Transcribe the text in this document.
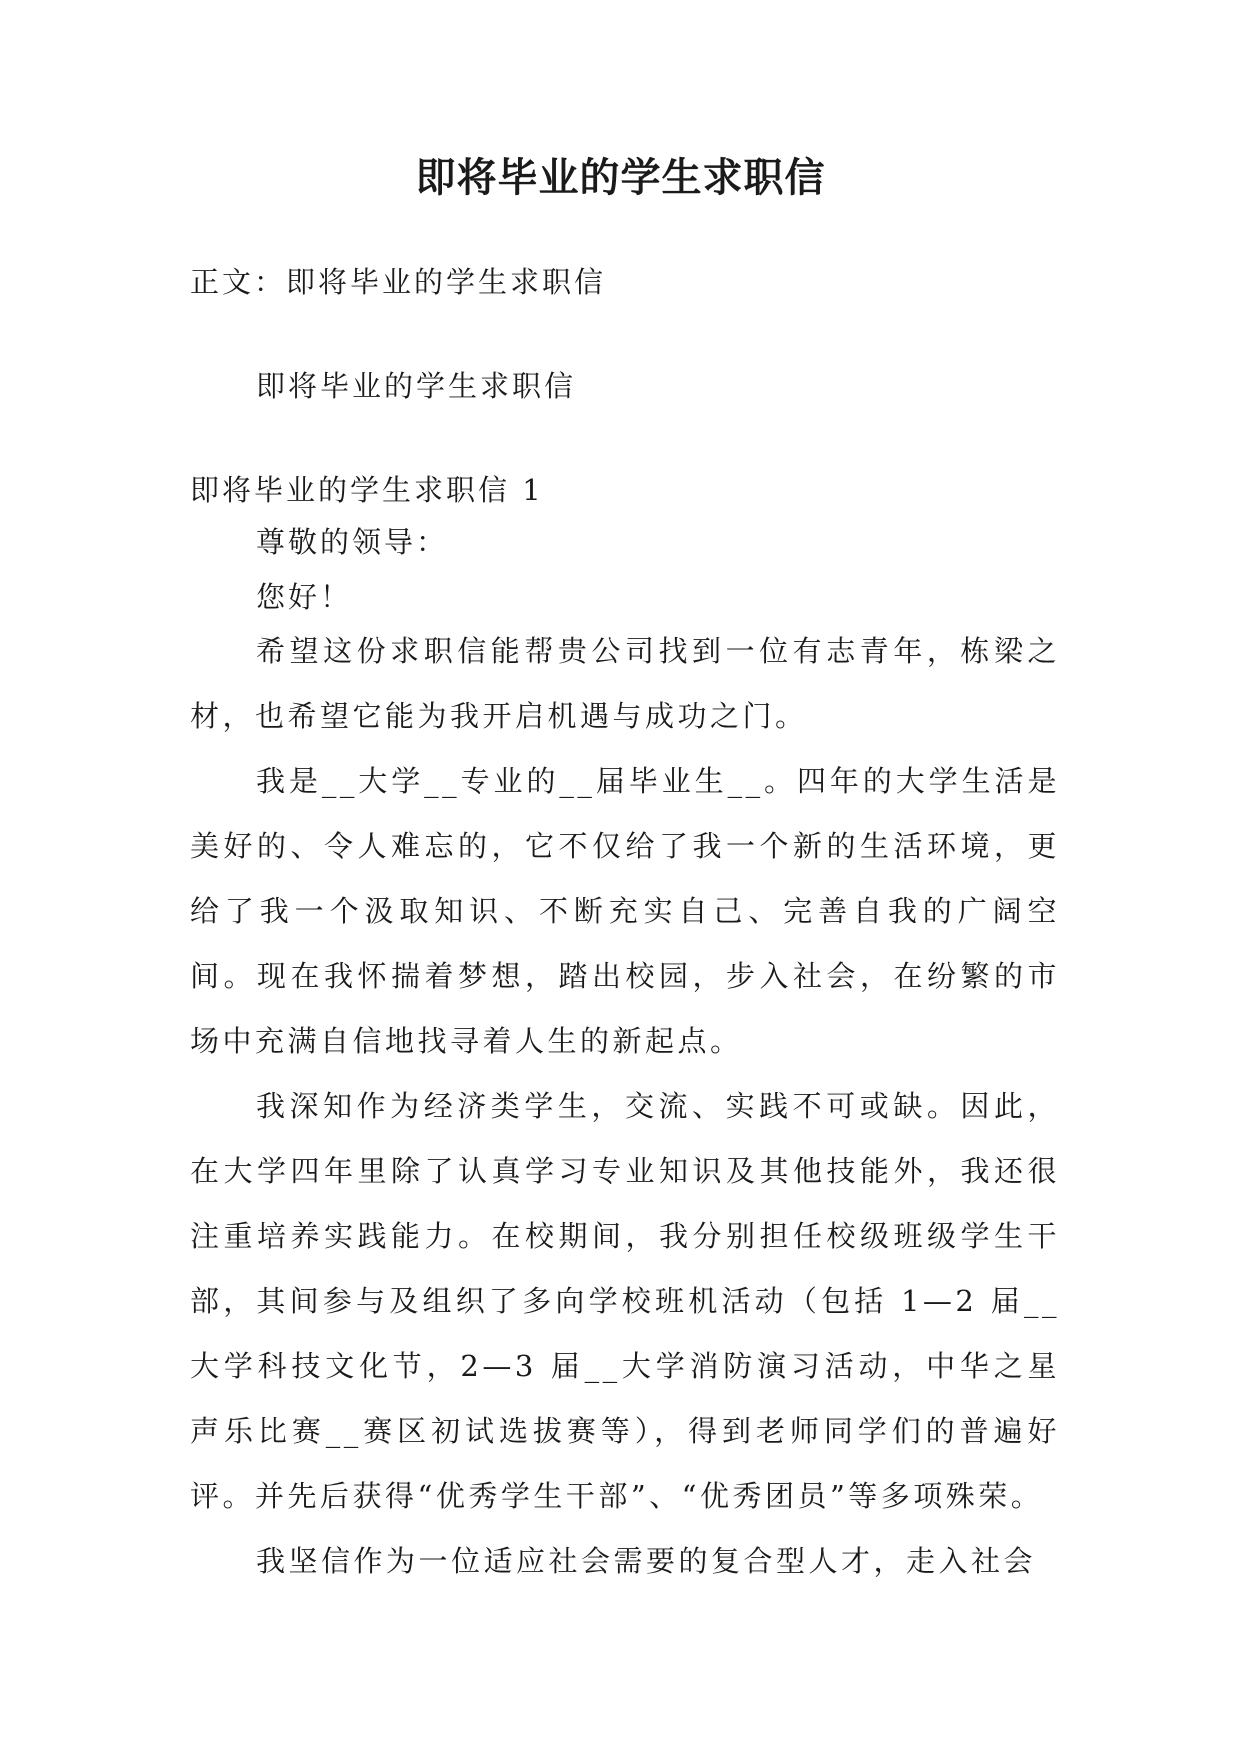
即将毕业的学生求职信
正文：即将毕业的学生求职信
即将毕业的学生求职信
即将毕业的学生求职信 1
尊敬的领导：
您好！

希望这份求职信能帮贵公司找到一位有志青年，栋梁之材，也希望它能为我开启机遇与成功之门。

我是__大学__专业的__届毕业生__。四年的大学生活是美好的、令人难忘的，它不仅给了我一个新的生活环境，更给了我一个汲取知识、不断充实自己、完善自我的广阔空间。现在我怀揣着梦想，踏出校园，步入社会，在纷繁的市场中充满自信地找寻着人生的新起点。

我深知作为经济类学生，交流、实践不可或缺。因此，在大学四年里除了认真学习专业知识及其他技能外，我还很注重培养实践能力。在校期间，我分别担任校级班级学生干部，其间参与及组织了多向学校班机活动（包括 1—2 届__大学科技文化节，2—3 届__大学消防演习活动，中华之星声乐比赛__赛区初试选拔赛等），得到老师同学们的普遍好评。并先后获得“优秀学生干部”、“优秀团员”等多项殊荣。

我坚信作为一位适应社会需要的复合型人才，走入社会
